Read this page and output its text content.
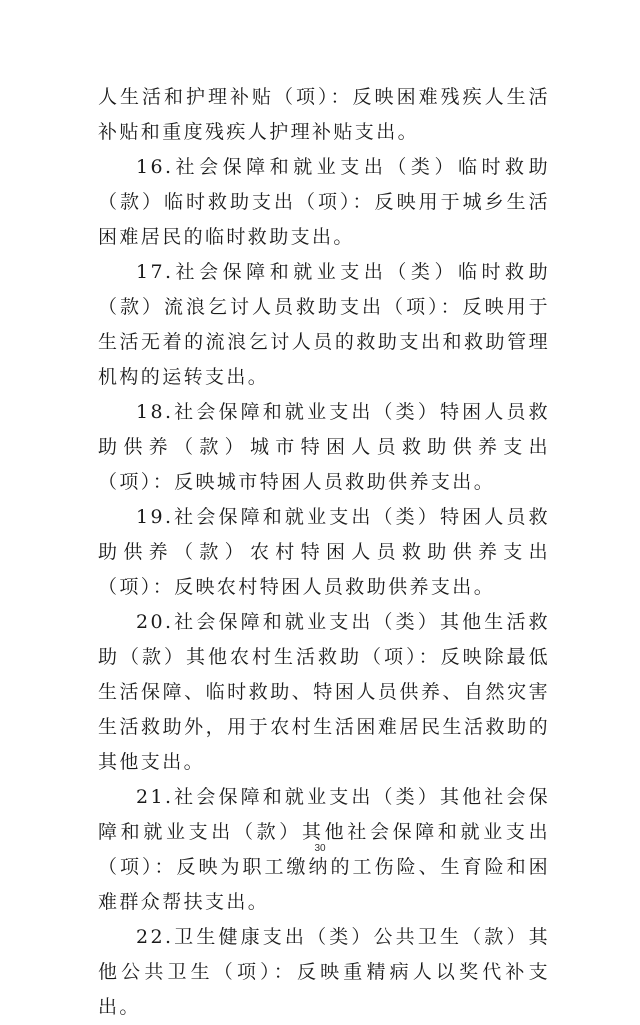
人生活和护理补贴（项）：反映困难残疾人生活补贴和重度残疾人护理补贴支出。

16.社会保障和就业支出（类）临时救助（款）临时救助支出（项）：反映用于城乡生活困难居民的临时救助支出。

17.社会保障和就业支出（类）临时救助（款）流浪乞讨人员救助支出（项）：反映用于生活无着的流浪乞讨人员的救助支出和救助管理机构的运转支出。

18.社会保障和就业支出（类）特困人员救助供养（款）城市特困人员救助供养支出（项）：反映城市特困人员救助供养支出。

19.社会保障和就业支出（类）特困人员救助供养（款）农村特困人员救助供养支出（项）：反映农村特困人员救助供养支出。

20.社会保障和就业支出（类）其他生活救助（款）其他农村生活救助（项）：反映除最低生活保障、临时救助、特困人员供养、自然灾害生活救助外，用于农村生活困难居民生活救助的其他支出。

21.社会保障和就业支出（类）其他社会保障和就业支出（款）其他社会保障和就业支出（项）：反映为职工缴纳的工伤险、生育险和困难群众帮扶支出。

22.卫生健康支出（类）公共卫生（款）其他公共卫生（项）：反映重精病人以奖代补支出。

30
